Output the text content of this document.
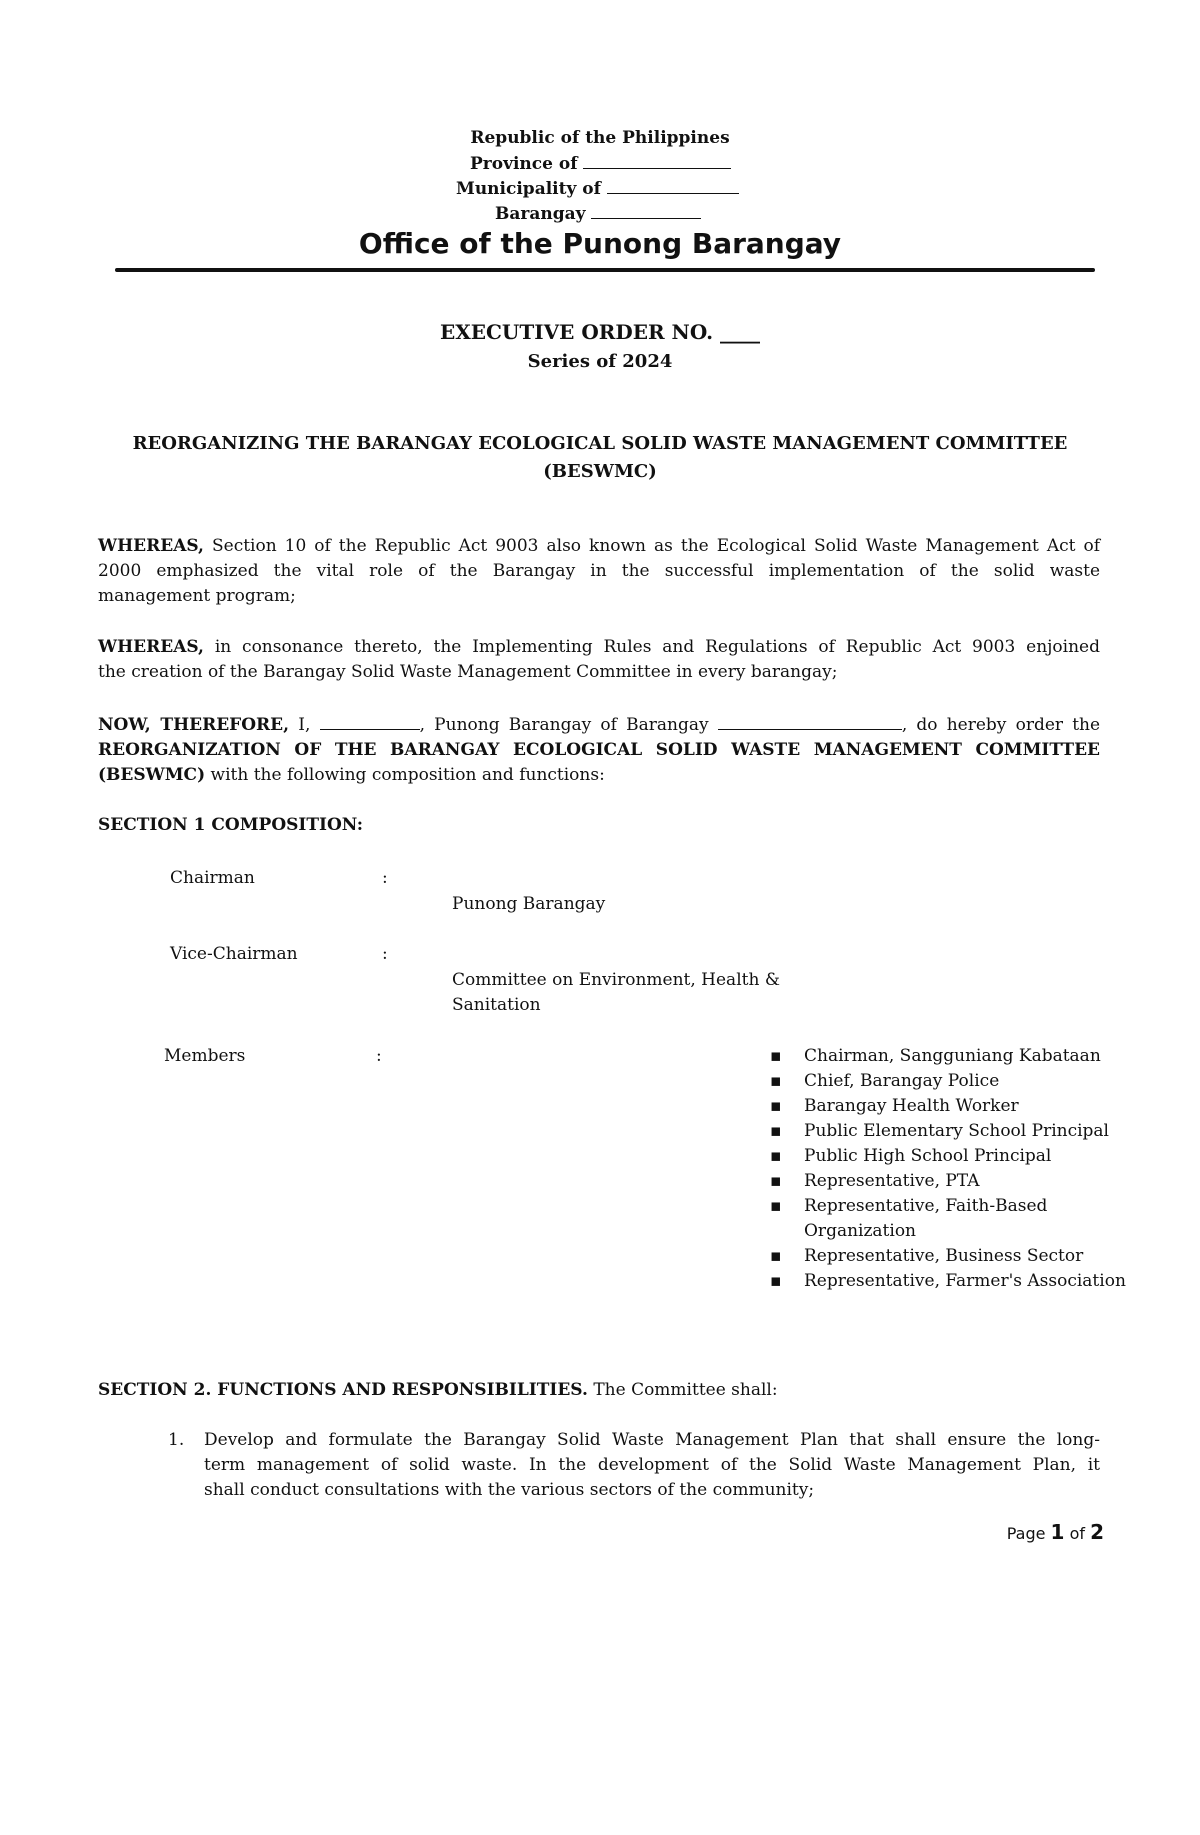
Republic of the Philippines
Province of
Municipality of
Barangay
Office of the Punong Barangay
EXECUTIVE ORDER NO. ____
Series of 2024
REORGANIZING THE BARANGAY ECOLOGICAL SOLID WASTE MANAGEMENT COMMITTEE
(BESWMC)
WHEREAS, Section 10 of the Republic Act 9003 also known as the Ecological Solid Waste Management Act of
2000 emphasized the vital role of the Barangay in the successful implementation of the solid waste
management program;
WHEREAS, in consonance thereto, the Implementing Rules and Regulations of Republic Act 9003 enjoined
the creation of the Barangay Solid Waste Management Committee in every barangay;
NOW, THEREFORE, I,	, Punong Barangay of Barangay	, do hereby order the
REORGANIZATION OF THE BARANGAY ECOLOGICAL SOLID WASTE MANAGEMENT COMMITTEE
(BESWMC) with the following composition and functions:
SECTION 1 COMPOSITION:
Chairman	:
Punong Barangay
Vice-Chairman	:
Committee on Environment, Health &
Sanitation
Members	:	▪ Chairman, Sangguniang Kabataan
▪ Chief, Barangay Police
▪ Barangay Health Worker
▪ Public Elementary School Principal
▪ Public High School Principal
▪ Representative, PTA
▪ Representative, Faith-Based Organization
▪ Representative, Business Sector
▪ Representative, Farmer's Association
SECTION 2. FUNCTIONS AND RESPONSIBILITIES. The Committee shall:
1. Develop and formulate the Barangay Solid Waste Management Plan that shall ensure the long-
term management of solid waste. In the development of the Solid Waste Management Plan, it
shall conduct consultations with the various sectors of the community;
Page 1 of 2
